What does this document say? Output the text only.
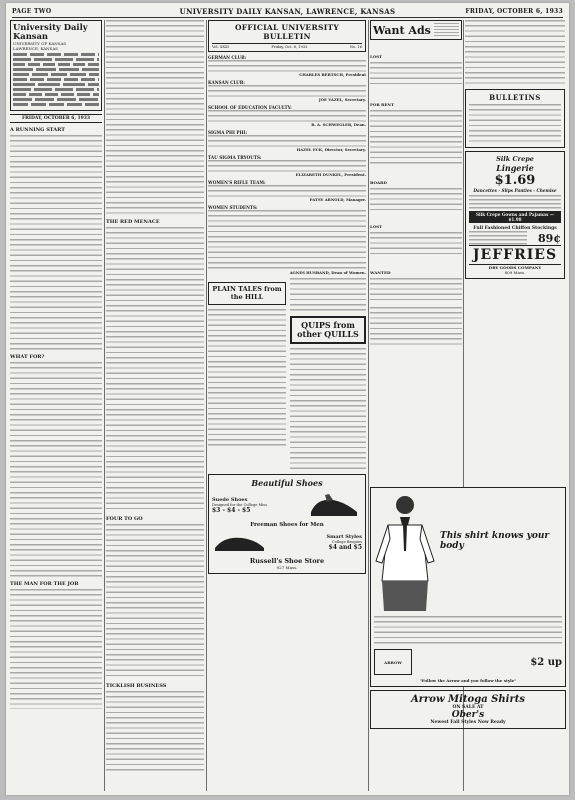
PAGE TWO	UNIVERSITY DAILY KANSAN, LAWRENCE, KANSAS	FRIDAY, OCTOBER 6, 1933
University Daily Kansan
UNIVERSITY OF KANSAS
LAWRENCE, KANSAS
FRIDAY, OCTOBER 6, 1933
A RUNNING START
WHAT FOR?
THE MAN FOR THE JOB
THE RED MENACE
FOUR TO GO
TICKLISH BUSINESS
OFFICIAL UNIVERSITY BULLETIN
Vol. XXXI	Friday, Oct. 6, 1933	No. 16
GERMAN CLUB:
CHARLES BERTSCH, President
KANSAN CLUB:
JOE VAZEL, Secretary.
SCHOOL OF EDUCATION FACULTY:
R. A. SCHWEGLER, Dean.
SIGMA PHI PHI:
HAZEL ECK, Director, Secretary.
TAU SIGMA TRYOUTS:
ELIZABETH DUNKEL, President.
WOMEN'S RIFLE TEAM:
PATSY ARNOLD, Manager.
WOMEN STUDENTS:
AGNES HUSBAND, Dean of Women.
PLAIN TALES from the HILL
QUIPS from other QUILLS
Beautiful Shoes
Suede Shoes
Designed for the College Miss
$3 - $4 - $5
Freeman Shoes for Men
Smart Styles
College Brogues
$4 and $5
Russell's Shoe Store
927 Mass.
Want Ads
LOST
FOR RENT
BOARD
LOST
WANTED
BULLETINS
Silk Crepe
Lingerie
$1.69
Dancettes - Slips Panties - Chemise
Silk Crepe Gowns and Pajamas — $1.98
Full Fashioned Chiffon Stockings
89¢
JEFFRIES
DRY GOODS COMPANY
809 Mass.
This shirt knows your body
ARROW	$2 up
"Follow the Arrow and you follow the style"
Arrow Mitoga Shirts
ON SALE AT
Ober's
Newest Fall Styles Now Ready
